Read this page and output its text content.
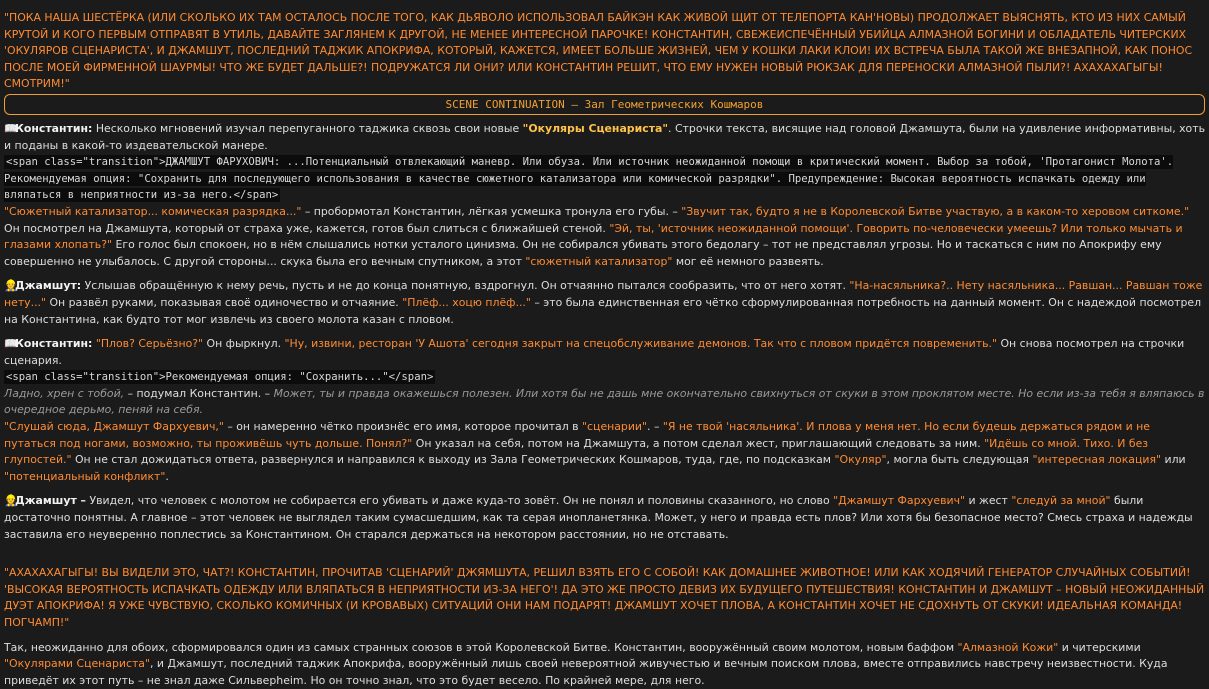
"ПОКА НАША ШЕСТЁРКА (ИЛИ СКОЛЬКО ИХ ТАМ ОСТАЛОСЬ ПОСЛЕ ТОГО, КАК ДЬЯВОЛО ИСПОЛЬЗОВАЛ БАЙКЭН КАК ЖИВОЙ ЩИТ ОТ ТЕЛЕПОРТА КАН'НОВЫ) ПРОДОЛЖАЕТ ВЫЯСНЯТЬ, КТО ИЗ НИХ САМЫЙ КРУТОЙ И КОГО ПЕРВЫМ ОТПРАВЯТ В УТИЛЬ, ДАВАЙТЕ ЗАГЛЯНЕМ К ДРУГОЙ, НЕ МЕНЕЕ ИНТЕРЕСНОЙ ПАРОЧКЕ! КОНСТАНТИН, СВЕЖЕИСПЕЧЁННЫЙ УБИЙЦА АЛМАЗНОЙ БОГИНИ И ОБЛАДАТЕЛЬ ЧИТЕРСКИХ 'ОКУЛЯРОВ СЦЕНАРИСТА', И ДЖАМШУТ, ПОСЛЕДНИЙ ТАДЖИК АПОКРИФА, КОТОРЫЙ, КАЖЕТСЯ, ИМЕЕТ БОЛЬШЕ ЖИЗНЕЙ, ЧЕМ У КОШКИ ЛАКИ КЛОИ! ИХ ВСТРЕЧА БЫЛА ТАКОЙ ЖЕ ВНЕЗАПНОЙ, КАК ПОНОС ПОСЛЕ МОЕЙ ФИРМЕННОЙ ШАУРМЫ! ЧТО ЖЕ БУДЕТ ДАЛЬШЕ?! ПОДРУЖАТСЯ ЛИ ОНИ? ИЛИ КОНСТАНТИН РЕШИТ, ЧТО ЕМУ НУЖЕН НОВЫЙ РЮКЗАК ДЛЯ ПЕРЕНОСКИ АЛМАЗНОЙ ПЫЛИ?! АХАХАХАГЫГЫ! СМОТРИМ!"

SCENE CONTINUATION – Зал Геометрических Кошмаров

📖Константин: Несколько мгновений изучал перепуганного таджика сквозь свои новые "Окуляры Сценариста". Строчки текста, висящие над головой Джамшута, были на удивление информативны, хоть и поданы в какой-то издевательской манере.

<span class="transition">ДЖАМШУТ ФАРУХОВИЧ: ...Потенциальный отвлекающий маневр. Или обуза. Или источник неожиданной помощи в критический момент. Выбор за тобой, 'Протагонист Молота'. Рекомендуемая опция: "Сохранить для последующего использования в качестве сюжетного катализатора или комической разрядки". Предупреждение: Высокая вероятность испачкать одежду или вляпаться в неприятности из-за него.</span>

"Сюжетный катализатор... комическая разрядка..." – пробормотал Константин, лёгкая усмешка тронула его губы. – "Звучит так, будто я не в Королевской Битве участвую, а в каком-то херовом ситкоме." Он посмотрел на Джамшута, который от страха уже, кажется, готов был слиться с ближайшей стеной. "Эй, ты, 'источник неожиданной помощи'. Говорить по-человечески умеешь? Или только мычать и глазами хлопать?" Его голос был спокоен, но в нём слышались нотки усталого цинизма. Он не собирался убивать этого бедолагу – тот не представлял угрозы. Но и таскаться с ним по Апокрифу ему совершенно не улыбалось. С другой стороны... скука была его вечным спутником, а этот "сюжетный катализатор" мог её немного развеять.

👷Джамшут: Услышав обращённую к нему речь, пусть и не до конца понятную, вздрогнул. Он отчаянно пытался сообразить, что от него хотят. "На-насяльника?.. Нету насяльника... Равшан... Равшан тоже нету..." Он развёл руками, показывая своё одиночество и отчаяние. "Плёф... хоцю плёф..." – это была единственная его чётко сформулированная потребность на данный момент. Он с надеждой посмотрел на Константина, как будто тот мог извлечь из своего молота казан с пловом.

📖Константин: "Плов? Серьёзно?" Он фыркнул. "Ну, извини, ресторан 'У Ашота' сегодня закрыт на спецобслуживание демонов. Так что с пловом придётся повременить." Он снова посмотрел на строчки сценария.

<span class="transition">Рекомендуемая опция: "Сохранить..."</span>

Ладно, хрен с тобой, – подумал Константин. – Может, ты и правда окажешься полезен. Или хотя бы не дашь мне окончательно свихнуться от скуки в этом проклятом месте. Но если из-за тебя я вляпаюсь в очередное дерьмо, пеняй на себя.

"Слушай сюда, Джамшут Фархуевич," – он намеренно чётко произнёс его имя, которое прочитал в "сценарии". – "Я не твой 'насяльника'. И плова у меня нет. Но если будешь держаться рядом и не путаться под ногами, возможно, ты проживёшь чуть дольше. Понял?" Он указал на себя, потом на Джамшута, а потом сделал жест, приглашающий следовать за ним. "Идёшь со мной. Тихо. И без глупостей." Он не стал дожидаться ответа, развернулся и направился к выходу из Зала Геометрических Кошмаров, туда, где, по подсказкам "Окуляр", могла быть следующая "интересная локация" или "потенциальный конфликт".

👷Джамшут – Увидел, что человек с молотом не собирается его убивать и даже куда-то зовёт. Он не понял и половины сказанного, но слово "Джамшут Фархуевич" и жест "следуй за мной" были достаточно понятны. А главное – этот человек не выглядел таким сумасшедшим, как та серая инопланетянка. Может, у него и правда есть плов? Или хотя бы безопасное место? Смесь страха и надежды заставила его неуверенно поплестись за Константином. Он старался держаться на некотором расстоянии, но не отставать.

"АХАХАХАГЫГЫ! ВЫ ВИДЕЛИ ЭТО, ЧАТ?! КОНСТАНТИН, ПРОЧИТАВ 'СЦЕНАРИЙ' ДЖЯМШУТА, РЕШИЛ ВЗЯТЬ ЕГО С СОБОЙ! КАК ДОМАШНЕЕ ЖИВОТНОЕ! ИЛИ КАК ХОДЯЧИЙ ГЕНЕРАТОР СЛУЧАЙНЫХ СОБЫТИЙ! 'ВЫСОКАЯ ВЕРОЯТНОСТЬ ИСПАЧКАТЬ ОДЕЖДУ ИЛИ ВЛЯПАТЬСЯ В НЕПРИЯТНОСТИ ИЗ-ЗА НЕГО'! ДА ЭТО ЖЕ ПРОСТО ДЕВИЗ ИХ БУДУЩЕГО ПУТЕШЕСТВИЯ! КОНСТАНТИН И ДЖАМШУТ – НОВЫЙ НЕОЖИДАННЫЙ ДУЭТ АПОКРИФА! Я УЖЕ ЧУВСТВУЮ, СКОЛЬКО КОМИЧНЫХ (И КРОВАВЫХ) СИТУАЦИЙ ОНИ НАМ ПОДАРЯТ! ДЖАМШУТ ХОЧЕТ ПЛОВА, А КОНСТАНТИН ХОЧЕТ НЕ СДОХНУТЬ ОТ СКУКИ! ИДЕАЛЬНАЯ КОМАНДА! ПОГЧАМП!"

Так, неожиданно для обоих, сформировался один из самых странных союзов в этой Королевской Битве. Константин, вооружённый своим молотом, новым баффом "Алмазной Кожи" и читерскими "Окулярами Сценариста", и Джамшут, последний таджик Апокрифа, вооружённый лишь своей невероятной живучестью и вечным поиском плова, вместе отправились навстречу неизвестности. Куда приведёт их этот путь – не знал даже Сильверheim. Но он точно знал, что это будет весело. По крайней мере, для него.
